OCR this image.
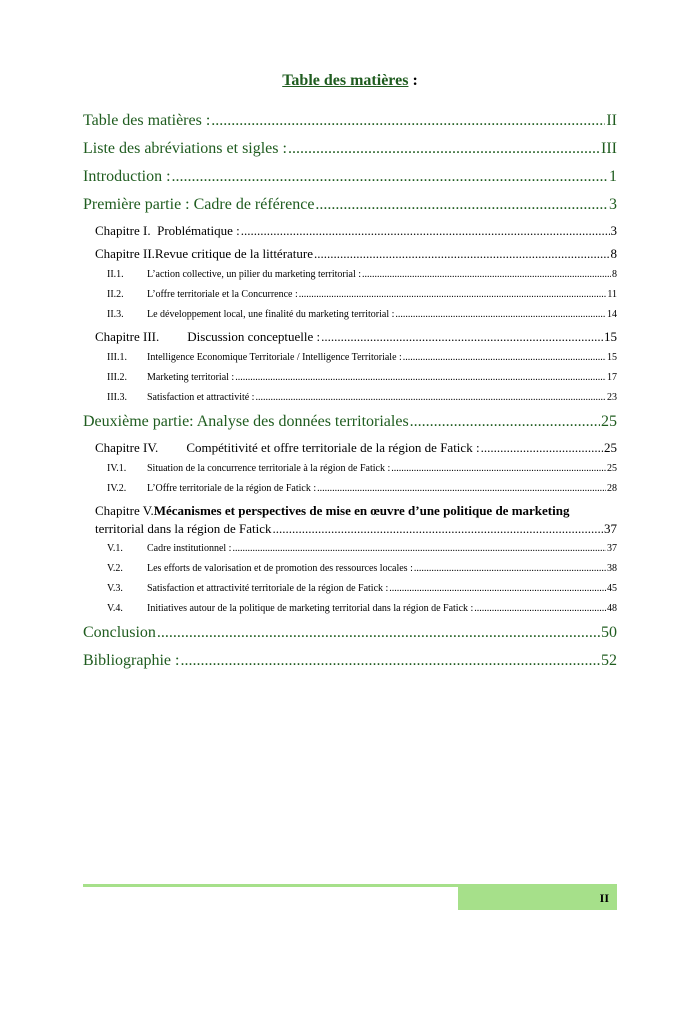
Table des matières :
Table des matières : .....	II
Liste des abréviations et sigles : .....	III
Introduction : .....	1
Première partie : Cadre de référence .....	3
Chapitre I. Problématique : .....	3
Chapitre II.Revue critique de la littérature .....	8
II.1. L’action collective, un pilier du marketing territorial : .....	8
II.2. L’offre territoriale et la Concurrence : .....	11
II.3. Le développement local, une finalité du marketing territorial : .....	14
Chapitre III. Discussion conceptuelle : .....	15
III.1. Intelligence Economique Territoriale / Intelligence Territoriale : .....	15
III.2. Marketing territorial : .....	17
III.3. Satisfaction et attractivité : .....	23
Deuxième partie: Analyse des données territoriales .....	25
Chapitre IV. Compétitivité et offre territoriale de la région de Fatick : .....	25
IV.1. Situation de la concurrence territoriale à la région de Fatick : .....	25
IV.2. L’Offre territoriale de la région de Fatick : .....	28
Chapitre V.Mécanismes et perspectives de mise en œuvre d’une politique de marketing
territorial dans la région de Fatick .....	37
V.1. Cadre institutionnel : .....	37
V.2. Les efforts de valorisation et de promotion des ressources locales : .....	38
V.3. Satisfaction et attractivité territoriale de la région de Fatick : .....	45
V.4. Initiatives autour de la politique de marketing territorial dans la région de Fatick : .....	48
Conclusion .....	50
Bibliographie : .....	52
II
